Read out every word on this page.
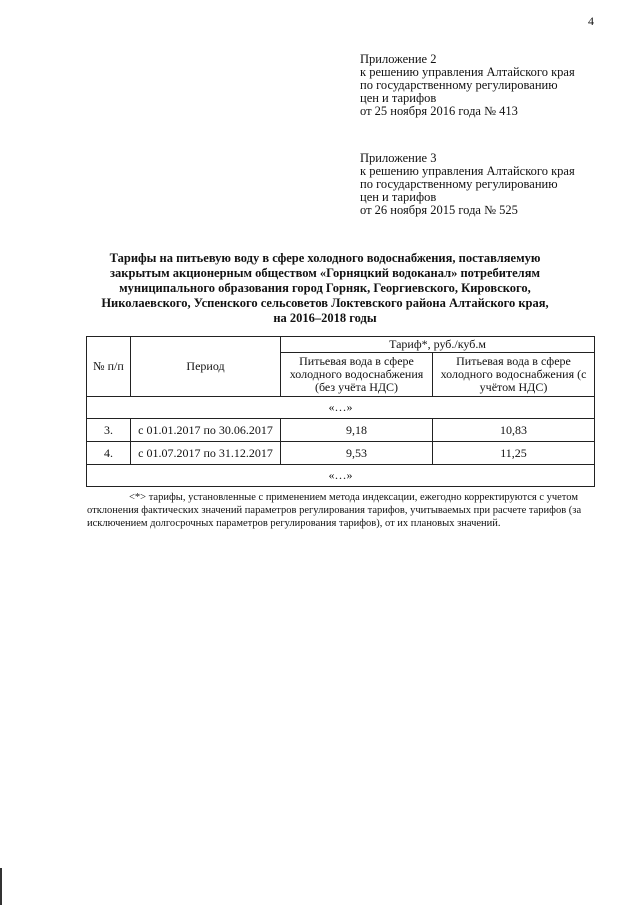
4
Приложение 2
к решению управления Алтайского края
по государственному регулированию
цен и тарифов
от 25 ноября 2016 года № 413
Приложение 3
к решению управления Алтайского края
по государственному регулированию
цен и тарифов
от 26 ноября 2015 года № 525
Тарифы на питьевую воду в сфере холодного водоснабжения, поставляемую
закрытым акционерным обществом «Горняцкий водоканал» потребителям
муниципального образования город Горняк, Георгиевского, Кировского,
Николаевского, Успенского сельсоветов Локтевского района Алтайского края,
на 2016–2018 годы
№ п/п	Период	Тариф*, руб./куб.м	
		Питьевая вода в сфере холодного водоснабжения (без учёта НДС)	Питьевая вода в сфере холодного водоснабжения (с учётом НДС)
«…»			
3.	с 01.01.2017 по 30.06.2017	9,18	10,83
4.	с 01.07.2017 по 31.12.2017	9,53	11,25
«…»			
<*> тарифы, установленные с применением метода индексации, ежегодно корректируются с учетом
отклонения фактических значений параметров регулирования тарифов, учитываемых при расчете тарифов (за
исключением долгосрочных параметров регулирования тарифов), от их плановых значений.
